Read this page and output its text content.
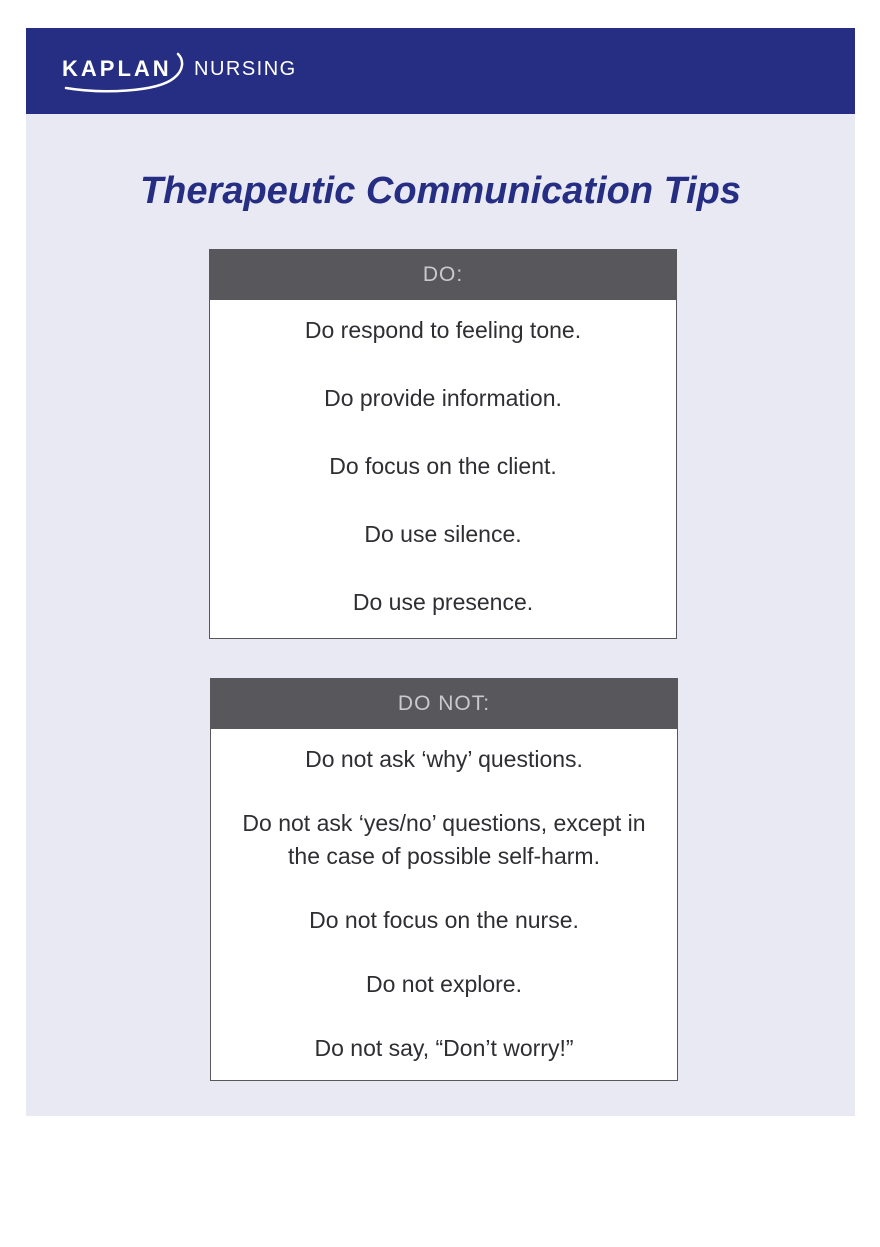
KAPLAN NURSING
Therapeutic Communication Tips
DO:

Do respond to feeling tone.

Do provide information.

Do focus on the client.

Do use silence.

Do use presence.

DO NOT:

Do not ask ‘why’ questions.

Do not ask ‘yes/no’ questions, except in the case of possible self-harm.

Do not focus on the nurse.

Do not explore.

Do not say, “Don’t worry!”
